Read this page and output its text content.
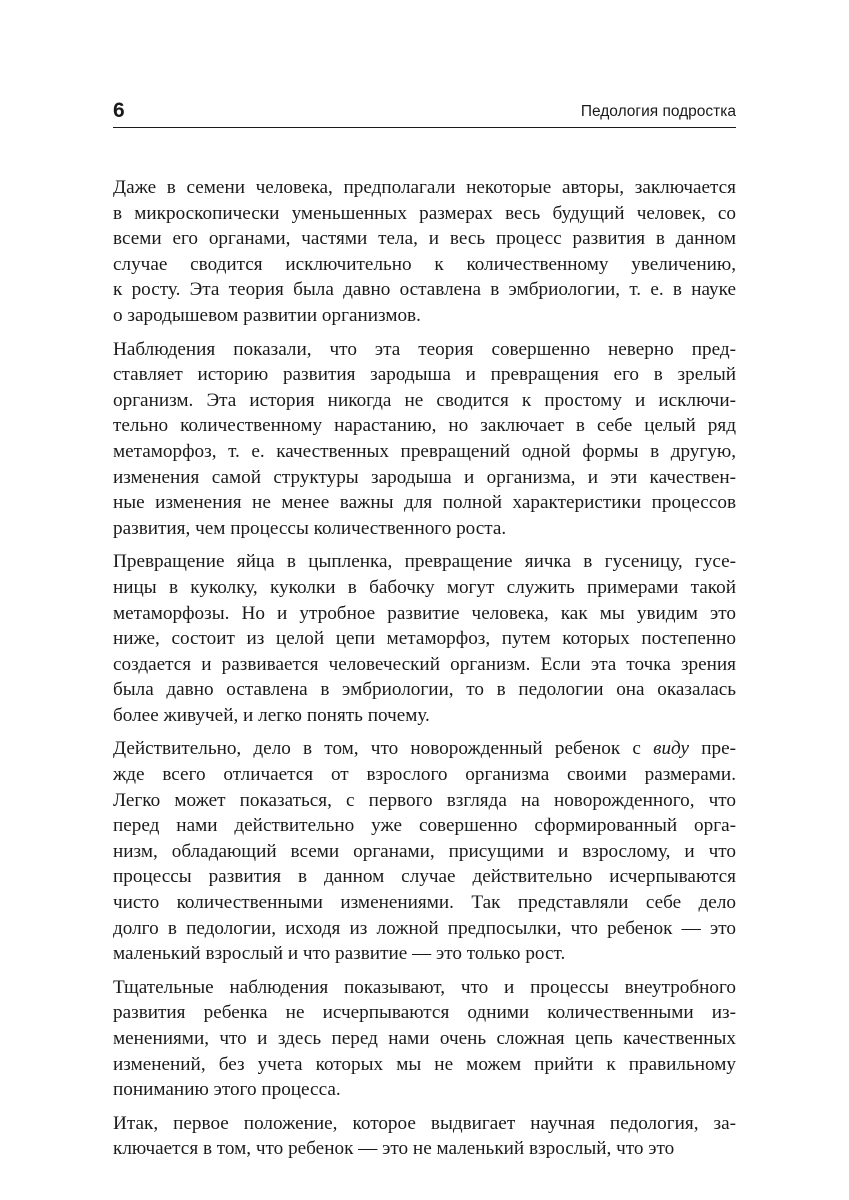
6	Педология подростка
Даже в семени человека, предполагали некоторые авторы, заключается
в микроскопически уменьшенных размерах весь будущий человек, со
всеми его органами, частями тела, и весь процесс развития в данном
случае сводится исключительно к количественному увеличению,
к росту. Эта теория была давно оставлена в эмбриологии, т. е. в науке
о зародышевом развитии организмов.
Наблюдения показали, что эта теория совершенно неверно пред-
ставляет историю развития зародыша и превращения его в зрелый
организм. Эта история никогда не сводится к простому и исключи-
тельно количественному нарастанию, но заключает в себе целый ряд
метаморфоз, т. е. качественных превращений одной формы в другую,
изменения самой структуры зародыша и организма, и эти качествен-
ные изменения не менее важны для полной характеристики процессов
развития, чем процессы количественного роста.
Превращение яйца в цыпленка, превращение яичка в гусеницу, гусе-
ницы в куколку, куколки в бабочку могут служить примерами такой
метаморфозы. Но и утробное развитие человека, как мы увидим это
ниже, состоит из целой цепи метаморфоз, путем которых постепенно
создается и развивается человеческий организм. Если эта точка зрения
была давно оставлена в эмбриологии, то в педологии она оказалась
более живучей, и легко понять почему.
Действительно, дело в том, что новорожденный ребенок с виду пре-
жде всего отличается от взрослого организма своими размерами.
Легко может показаться, с первого взгляда на новорожденного, что
перед нами действительно уже совершенно сформированный орга-
низм, обладающий всеми органами, присущими и взрослому, и что
процессы развития в данном случае действительно исчерпываются
чисто количественными изменениями. Так представляли себе дело
долго в педологии, исходя из ложной предпосылки, что ребенок — это
маленький взрослый и что развитие — это только рост.
Тщательные наблюдения показывают, что и процессы внеутробного
развития ребенка не исчерпываются одними количественными из-
менениями, что и здесь перед нами очень сложная цепь качественных
изменений, без учета которых мы не можем прийти к правильному
пониманию этого процесса.
Итак, первое положение, которое выдвигает научная педология, за-
ключается в том, что ребенок — это не маленький взрослый, что это
